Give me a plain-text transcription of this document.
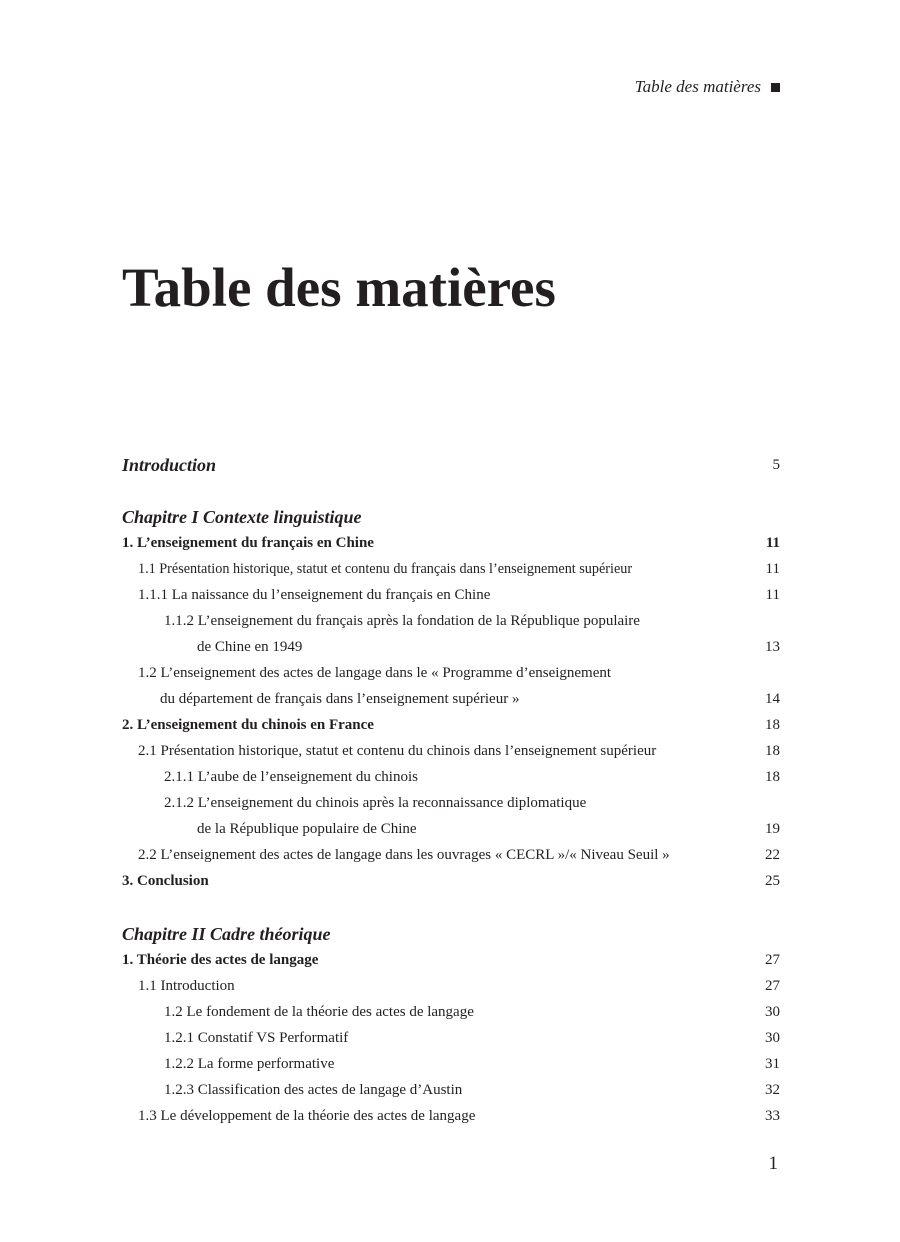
Table des matières
Table des matières
Introduction	5
Chapitre I Contexte linguistique
1. L’enseignement du français en Chine	11
1.1 Présentation historique, statut et contenu du français dans l’enseignement supérieur	11
1.1.1 La naissance du l’enseignement du français en Chine	11
1.1.2 L’enseignement du français après la fondation de la République populaire
de Chine en 1949	13
1.2 L’enseignement des actes de langage dans le « Programme d’enseignement
du département de français dans l’enseignement supérieur »	14
2. L’enseignement du chinois en France	18
2.1 Présentation historique, statut et contenu du chinois dans l’enseignement supérieur	18
2.1.1 L’aube de l’enseignement du chinois	18
2.1.2 L’enseignement du chinois après la reconnaissance diplomatique
de la République populaire de Chine	19
2.2 L’enseignement des actes de langage dans les ouvrages « CECRL »/« Niveau Seuil »	22
3. Conclusion	25
Chapitre II Cadre théorique
1. Théorie des actes de langage	27
1.1 Introduction	27
1.2 Le fondement de la théorie des actes de langage	30
1.2.1 Constatif VS Performatif	30
1.2.2 La forme performative	31
1.2.3 Classification des actes de langage d’Austin	32
1.3 Le développement de la théorie des actes de langage	33
1
